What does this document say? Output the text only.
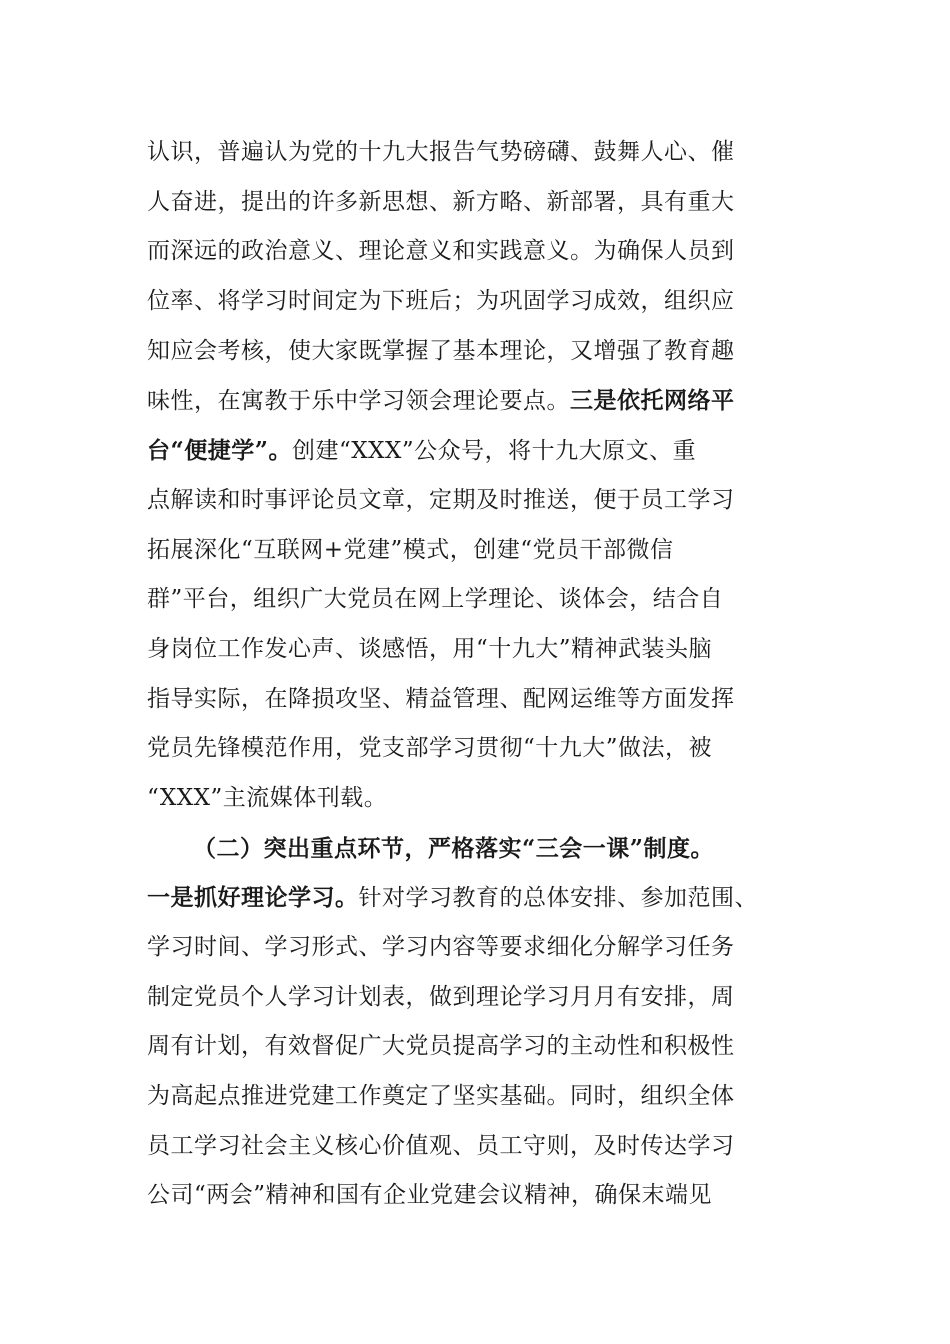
认识，普遍认为党的十九大报告气势磅礴、鼓舞人心、催
人奋进，提出的许多新思想、新方略、新部署，具有重大
而深远的政治意义、理论意义和实践意义。为确保人员到
位率、将学习时间定为下班后；为巩固学习成效，组织应
知应会考核，使大家既掌握了基本理论，又增强了教育趣
味性，在寓教于乐中学习领会理论要点。三是依托网络平
台“便捷学”。创建“XXX”公众号，将十九大原文、重
点解读和时事评论员文章，定期及时推送，便于员工学习
拓展深化“互联网+党建”模式，创建“党员干部微信
群”平台，组织广大党员在网上学理论、谈体会，结合自
身岗位工作发心声、谈感悟，用“十九大”精神武装头脑
指导实际，在降损攻坚、精益管理、配网运维等方面发挥
党员先锋模范作用，党支部学习贯彻“十九大”做法，被
“XXX”主流媒体刊载。
（二）突出重点环节，严格落实“三会一课”制度。
一是抓好理论学习。针对学习教育的总体安排、参加范围、
学习时间、学习形式、学习内容等要求细化分解学习任务
制定党员个人学习计划表，做到理论学习月月有安排，周
周有计划，有效督促广大党员提高学习的主动性和积极性
为高起点推进党建工作奠定了坚实基础。同时，组织全体
员工学习社会主义核心价值观、员工守则，及时传达学习
公司“两会”精神和国有企业党建会议精神，确保末端见
